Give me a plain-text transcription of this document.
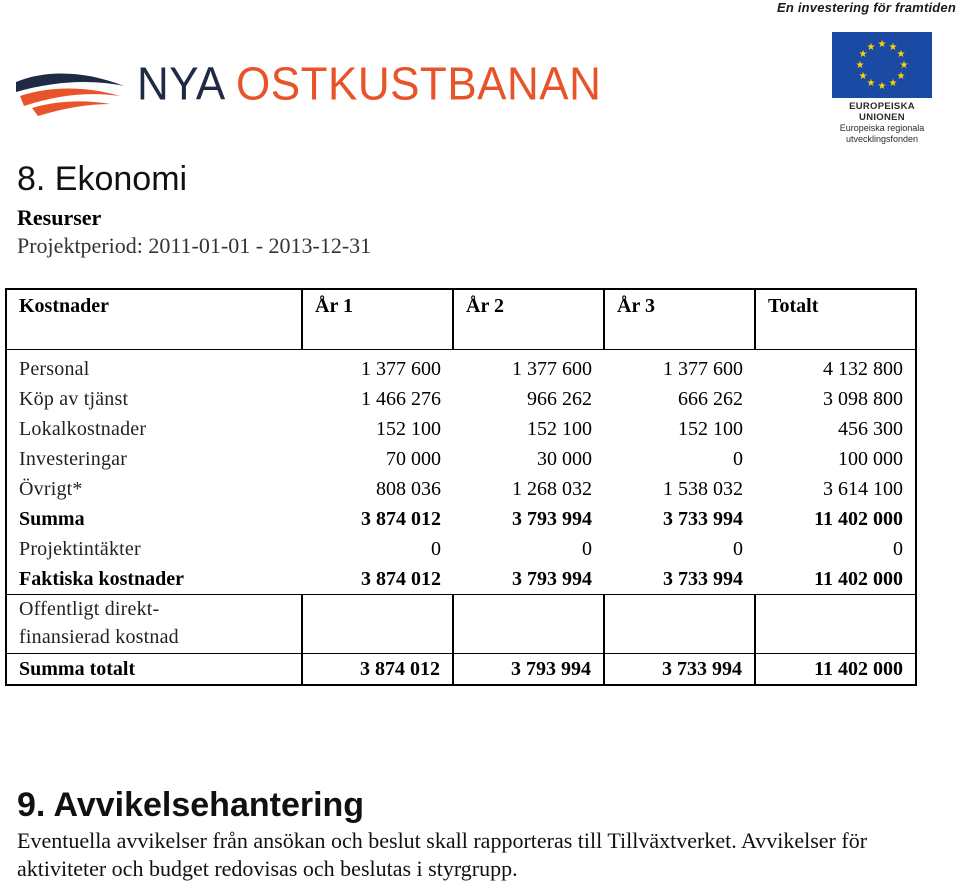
En investering för framtiden
NYA OSTKUSTBANAN
★ ★
★
★
★
★
★
★
★
★
★
★
EUROPEISKA UNIONEN
Europeiska regionala
utvecklingsfonden
8. Ekonomi
Resurser
Projektperiod: 2011-01-01 - 2013-12-31
Kostnader	År 1	År 2	År 3	Totalt
Personal	1 377 600	1 377 600	1 377 600	4 132 800
Köp av tjänst	1 466 276	966 262	666 262	3 098 800
Lokalkostnader	152 100	152 100	152 100	456 300
Investeringar	70 000	30 000	0	100 000
Övrigt*	808 036	1 268 032	1 538 032	3 614 100
Summa	3 874 012	3 793 994	3 733 994	11 402 000
Projektintäkter	0	0	0	0
Faktiska kostnader	3 874 012	3 793 994	3 733 994	11 402 000
Offentligt direkt-
finansierad kostnad				
Summa totalt	3 874 012	3 793 994	3 733 994	11 402 000
9. Avvikelsehantering
Eventuella avvikelser från ansökan och beslut skall rapporteras till Tillväxtverket. Avvikelser för aktiviteter och budget redovisas och beslutas i styrgrupp.
